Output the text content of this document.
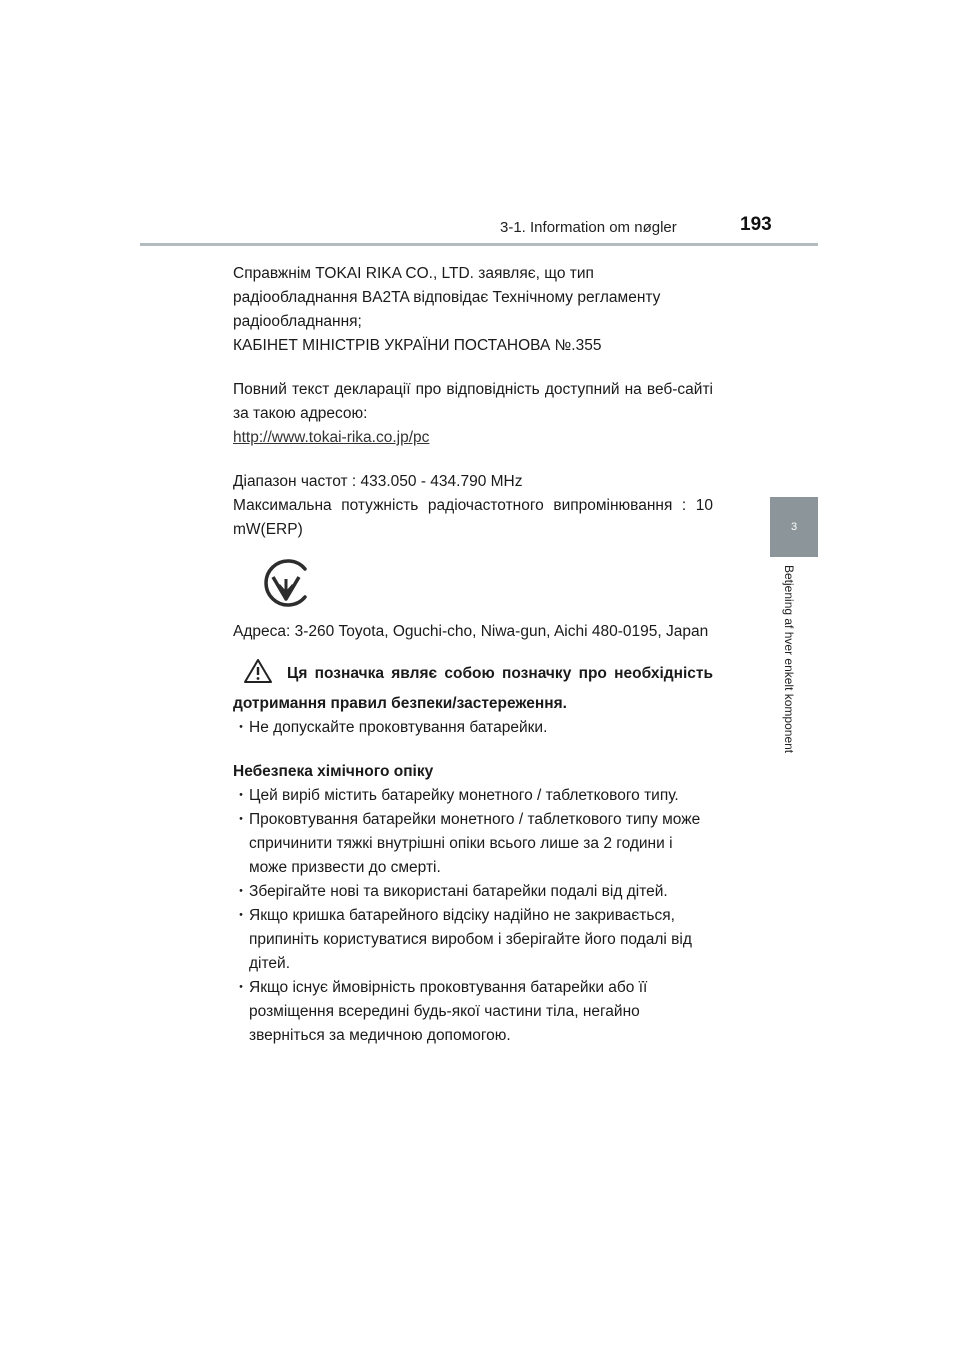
3-1. Information om nøgler	193
3
Betjening af hver enkelt komponent

Справжнім TOKAI RIKA CO., LTD. заявляє, що тип

радіообладнання BA2TA відповідає Технічному регламенту

радіообладнання;

КАБІНЕТ МІНІСТРІВ УКРАЇНИ ПОСТАНОВА №.355

Повний текст декларації про відповідність доступний на веб-сайті за такою адресою:

http://www.tokai-rika.co.jp/pc

Діапазон частот : 433.050 - 434.790 MHz

Максимальна потужність радіочастотного випромінювання : 10 mW(ERP)

Адреса: 3-260 Toyota, Oguchi-cho, Niwa-gun, Aichi 480-0195, Japan

Ця позначка являє собою позначку про необхідність дотримання правил безпеки/застереження.

･ Не допускайте проковтування батарейки.

Небезпека хімічного опіку

･ Цей виріб містить батарейку монетного / таблеткового типу.

･ Проковтування батарейки монетного / таблеткового типу може спричинити тяжкі внутрішні опіки всього лише за 2 години і може призвести до смерті.

･ Зберігайте нові та використані батарейки подалі від дітей.

･ Якщо кришка батарейного відсіку надійно не закривається, припиніть користуватися виробом і зберігайте його подалі від дітей.

･ Якщо існує ймовірність проковтування батарейки або її розміщення всередині будь-якої частини тіла, негайно зверніться за медичною допомогою.
